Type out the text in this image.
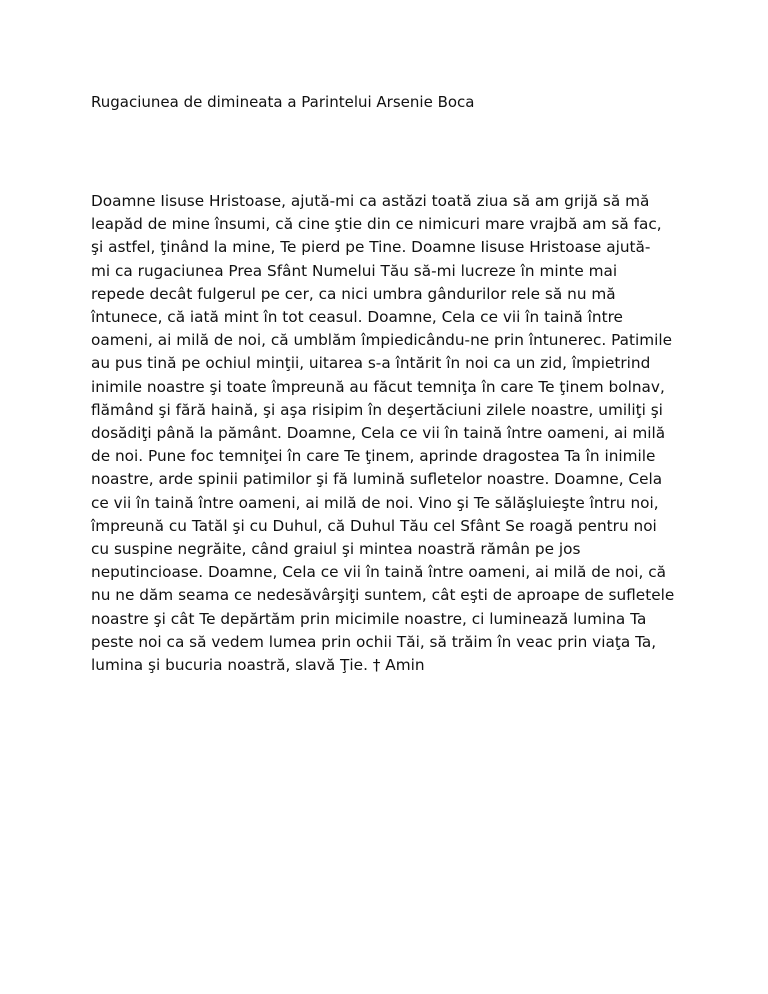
Rugaciunea de dimineata a Parintelui Arsenie Boca
Doamne Iisuse Hristoase, ajută-mi ca astăzi toată ziua să am grijă să mă
leapăd de mine însumi, că cine ştie din ce nimicuri mare vrajbă am să fac,
şi astfel, ţinând la mine, Te pierd pe Tine. Doamne Iisuse Hristoase ajută-
mi ca rugaciunea Prea Sfânt Numelui Tău să-mi lucreze în minte mai
repede decât fulgerul pe cer, ca nici umbra gândurilor rele să nu mă
întunece, că iată mint în tot ceasul. Doamne, Cela ce vii în taină între
oameni, ai milă de noi, că umblăm împiedicându-ne prin întunerec. Patimile
au pus tină pe ochiul minţii, uitarea s-a întărit în noi ca un zid, împietrind
inimile noastre şi toate împreună au făcut temniţa în care Te ţinem bolnav,
flămând şi fără haină, şi aşa risipim în deşertăciuni zilele noastre, umiliţi şi
dosădiţi până la pământ. Doamne, Cela ce vii în taină între oameni, ai milă
de noi. Pune foc temniţei în care Te ţinem, aprinde dragostea Ta în inimile
noastre, arde spinii patimilor şi fă lumină sufletelor noastre. Doamne, Cela
ce vii în taină între oameni, ai milă de noi. Vino şi Te sălăşluieşte întru noi,
împreună cu Tatăl şi cu Duhul, că Duhul Tău cel Sfânt Se roagă pentru noi
cu suspine negrăite, când graiul şi mintea noastră rămân pe jos
neputincioase. Doamne, Cela ce vii în taină între oameni, ai milă de noi, că
nu ne dăm seama ce nedesăvârşiţi suntem, cât eşti de aproape de sufletele
noastre şi cât Te depărtăm prin micimile noastre, ci luminează lumina Ta
peste noi ca să vedem lumea prin ochii Tăi, să trăim în veac prin viaţa Ta,
lumina şi bucuria noastră, slavă Ţie. † Amin
